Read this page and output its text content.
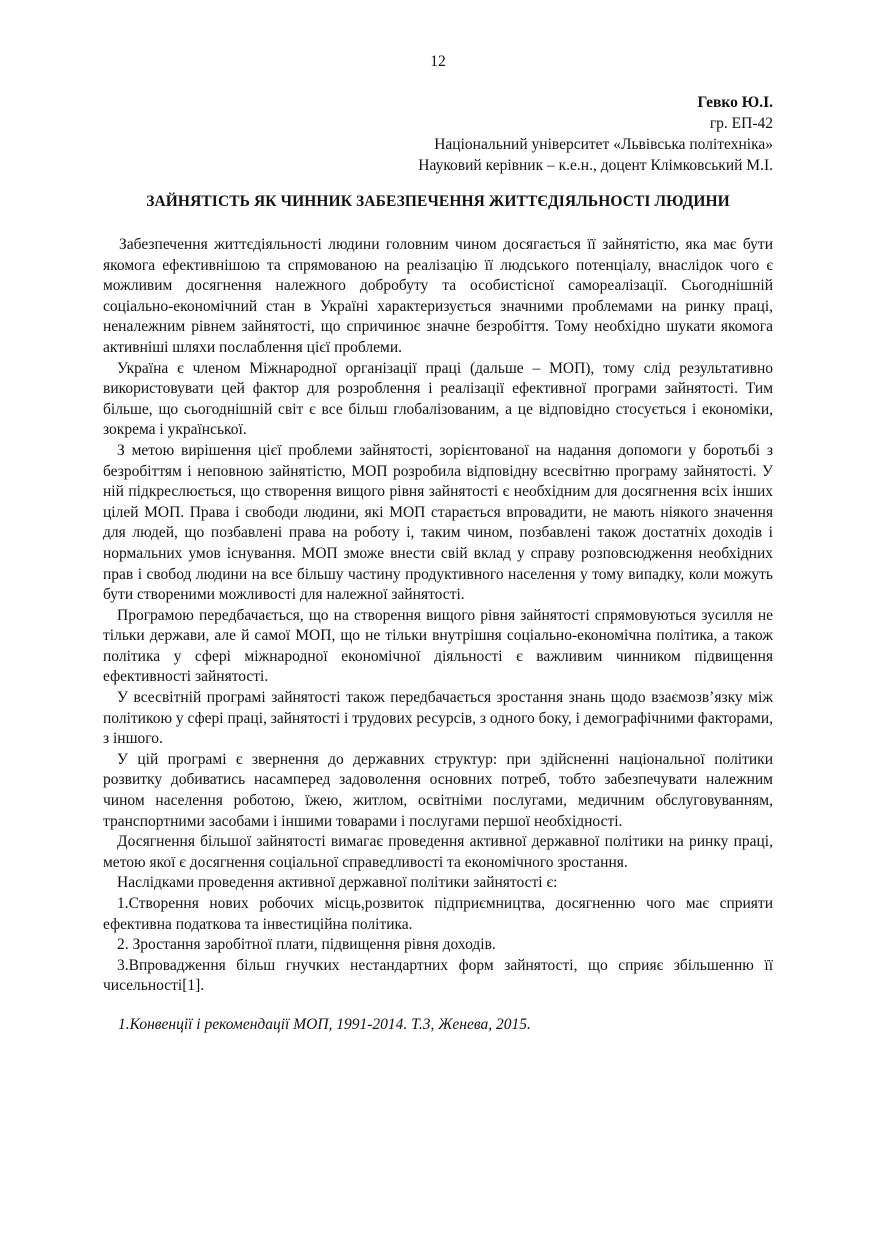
12
Гевко Ю.І.
гр. ЕП-42
Національний університет «Львівська політехніка»
Науковий керівник – к.е.н., доцент Клімковський М.І.
ЗАЙНЯТІСТЬ ЯК ЧИННИК ЗАБЕЗПЕЧЕННЯ ЖИТТЄДІЯЛЬНОСТІ ЛЮДИНИ

Забезпечення життєдіяльності людини головним чином досягається її зайнятістю, яка має бути якомога ефективнішою та спрямованою на реалізацію її людського потенціалу, внаслідок чого є можливим досягнення належного добробуту та особистісної самореалізації. Сьогоднішній соціально-економічний стан в Україні характеризується значними проблемами на ринку праці, неналежним рівнем зайнятості, що спричинює значне безробіття. Тому необхідно шукати якомога активніші шляхи послаблення цієї проблеми.

Україна є членом Міжнародної організації праці (дальше – МОП), тому слід результативно використовувати цей фактор для розроблення і реалізації ефективної програми зайнятості. Тим більше, що сьогоднішній світ є все більш глобалізованим, а це відповідно стосується і економіки, зокрема і української.

З метою вирішення цієї проблеми зайнятості, зорієнтованої на надання допомоги у боротьбі з безробіттям і неповною зайнятістю, МОП розробила відповідну всесвітню програму зайнятості. У ній підкреслюється, що створення вищого рівня зайнятості є необхідним для досягнення всіх інших цілей МОП. Права і свободи людини, які МОП старається впровадити, не мають ніякого значення для людей, що позбавлені права на роботу і, таким чином, позбавлені також достатніх доходів і нормальних умов існування. МОП зможе внести свій вклад у справу розповсюдження необхідних прав і свобод людини на все більшу частину продуктивного населення у тому випадку, коли можуть бути створеними можливості для належної зайнятості.

Програмою передбачається, що на створення вищого рівня зайнятості спрямовуються зусилля не тільки держави, але й самої МОП, що не тільки внутрішня соціально-економічна політика, а також політика у сфері міжнародної економічної діяльності є важливим чинником підвищення ефективності зайнятості.

У всесвітній програмі зайнятості також передбачається зростання знань щодо взаємозв’язку між політикою у сфері праці, зайнятості і трудових ресурсів, з одного боку, і демографічними факторами, з іншого.

У цій програмі є звернення до державних структур: при здійсненні національної політики розвитку добиватись насамперед задоволення основних потреб, тобто забезпечувати належним чином населення роботою, їжею, житлом, освітніми послугами, медичним обслуговуванням, транспортними засобами і іншими товарами і послугами першої необхідності.

Досягнення більшої зайнятості вимагає проведення активної державної політики на ринку праці, метою якої є досягнення соціальної справедливості та економічного зростання.

Наслідками проведення активної державної політики зайнятості є:

1.Створення нових робочих місць,розвиток підприємництва, досягненню чого має сприяти ефективна податкова та інвестиційна політика.

2. Зростання заробітної плати, підвищення рівня доходів.

3.Впровадження більш гнучких нестандартних форм зайнятості, що сприяє збільшенню її чисельності[1].

1.Конвенції і рекомендації МОП, 1991-2014. Т.3, Женева, 2015.
